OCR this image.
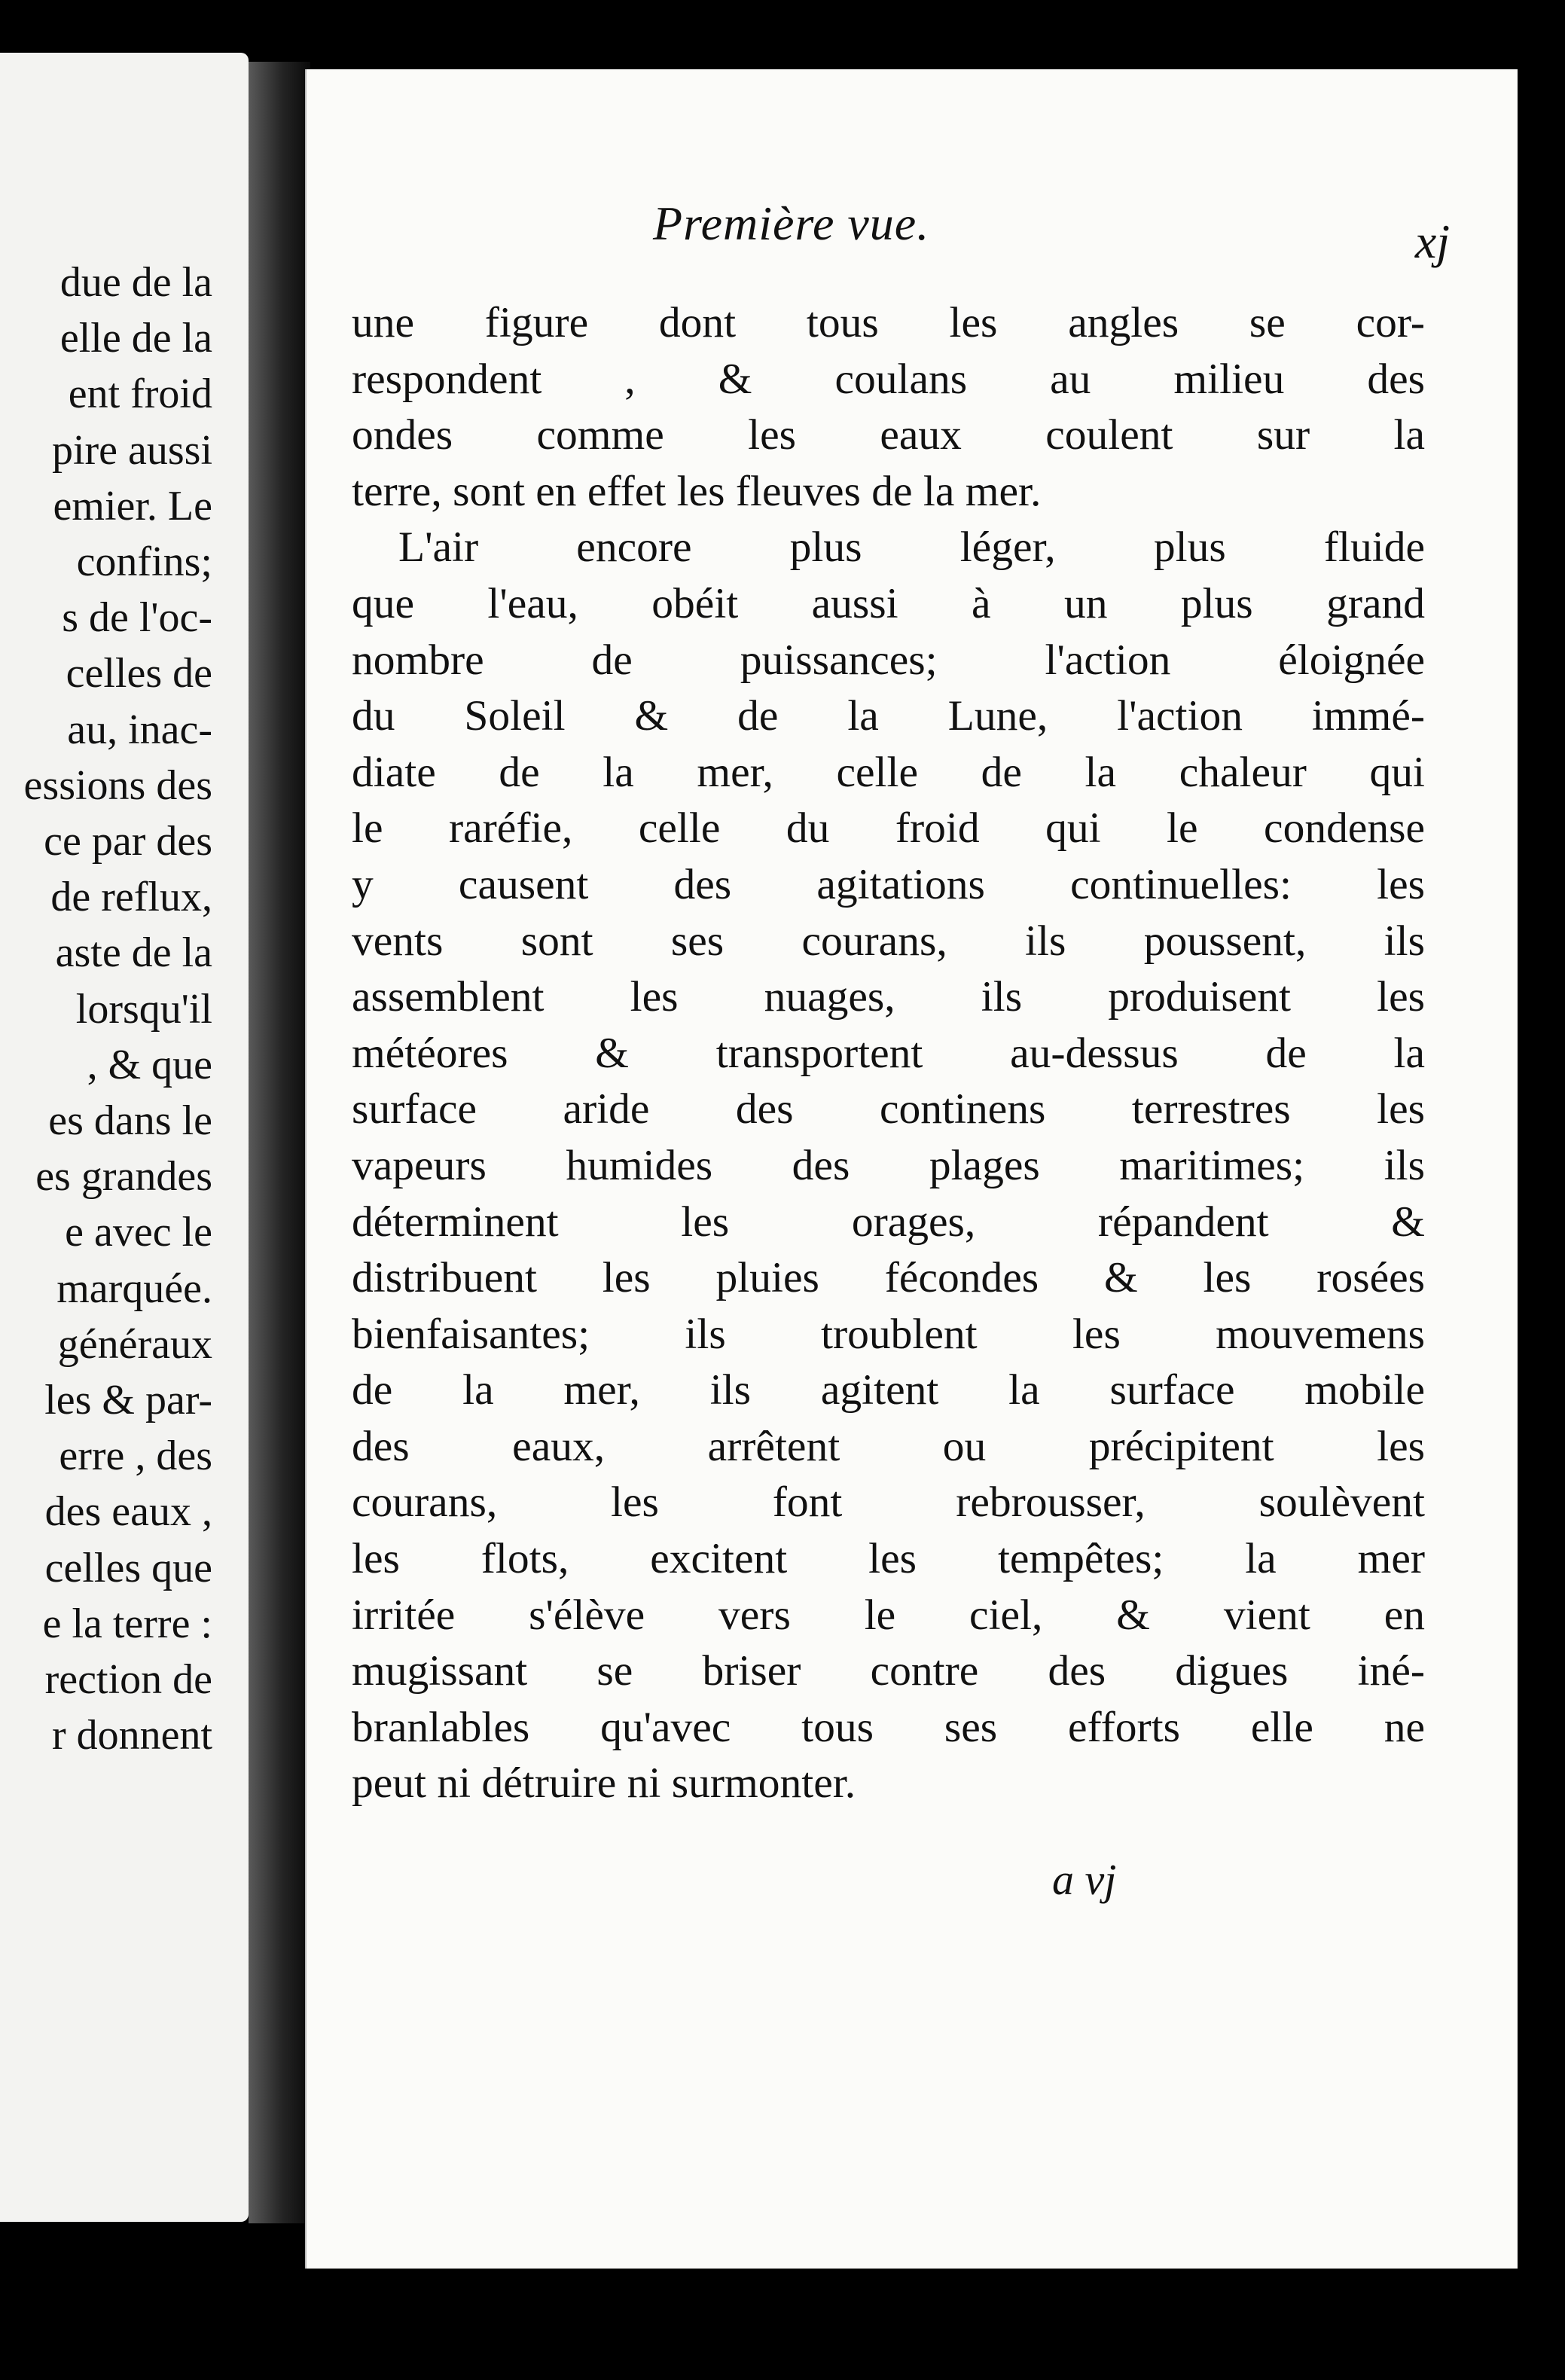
due de la
elle de la
ent froid
pire aussi
emier. Le
confins;
s de l'oc-
celles de
au, inac-
essions des
ce par des
de reflux,
aste de la
lorsqu'il
, & que
es dans le
es grandes
e avec le
marquée.
généraux
les & par-
erre , des
des eaux ,
celles que
e la terre :
rection de
r donnent
Première vue.	xj
une figure dont tous les angles se cor-
respondent , & coulans au milieu des
ondes comme les eaux coulent sur la
terre, sont en effet les fleuves de la mer.
L'air encore plus léger, plus fluide
que l'eau, obéit aussi à un plus grand
nombre de puissances; l'action éloignée
du Soleil & de la Lune, l'action immé-
diate de la mer, celle de la chaleur qui
le raréfie, celle du froid qui le condense
y causent des agitations continuelles: les
vents sont ses courans, ils poussent, ils
assemblent les nuages, ils produisent les
météores & transportent au-dessus de la
surface aride des continens terrestres les
vapeurs humides des plages maritimes; ils
déterminent les orages, répandent &
distribuent les pluies fécondes & les rosées
bienfaisantes; ils troublent les mouvemens
de la mer, ils agitent la surface mobile
des eaux, arrêtent ou précipitent les
courans, les font rebrousser, soulèvent
les flots, excitent les tempêtes; la mer
irritée s'élève vers le ciel, & vient en
mugissant se briser contre des digues iné-
branlables qu'avec tous ses efforts elle ne
peut ni détruire ni surmonter.
a vj
